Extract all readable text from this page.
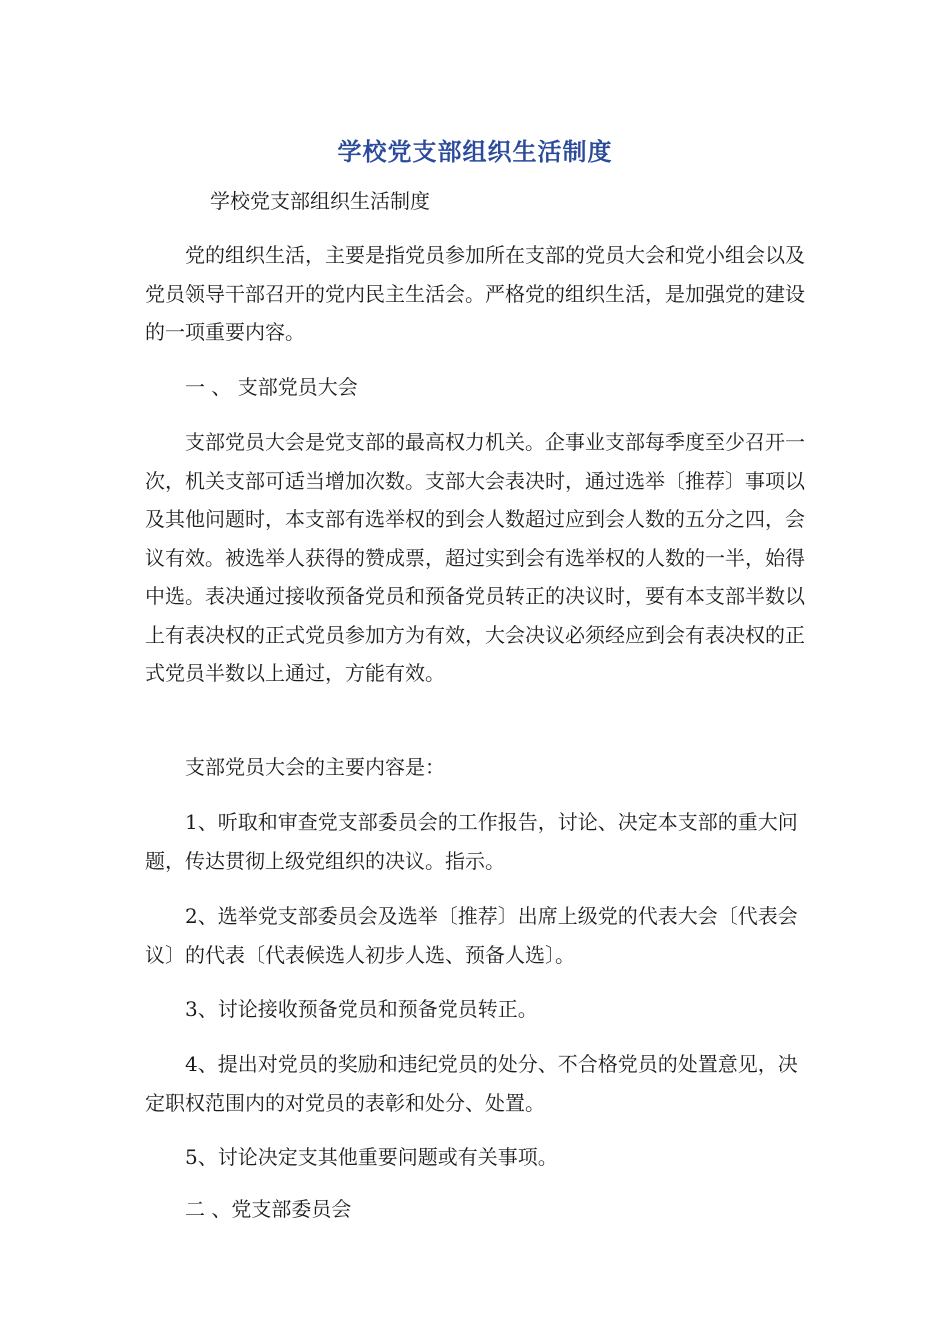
学校党支部组织生活制度

学校党支部组织生活制度

党的组织生活，主要是指党员参加所在支部的党员大会和党小组会以及党员领导干部召开的党内民主生活会。严格党的组织生活，是加强党的建设的一项重要内容。

一 、 支部党员大会

支部党员大会是党支部的最高权力机关。企事业支部每季度至少召开一次，机关支部可适当增加次数。支部大会表决时，通过选举〔推荐〕事项以及其他问题时，本支部有选举权的到会人数超过应到会人数的五分之四，会议有效。被选举人获得的赞成票，超过实到会有选举权的人数的一半，始得中选。表决通过接收预备党员和预备党员转正的决议时，要有本支部半数以上有表决权的正式党员参加方为有效，大会决议必须经应到会有表决权的正式党员半数以上通过，方能有效。

支部党员大会的主要内容是：

1、听取和审查党支部委员会的工作报告，讨论、决定本支部的重大问题，传达贯彻上级党组织的决议。指示。

2、选举党支部委员会及选举〔推荐〕出席上级党的代表大会〔代表会议〕的代表〔代表候选人初步人选、预备人选〕。

3、讨论接收预备党员和预备党员转正。

4、提出对党员的奖励和违纪党员的处分、不合格党员的处置意见，决定职权范围内的对党员的表彰和处分、处置。

5、讨论决定支其他重要问题或有关事项。

二 、党支部委员会
